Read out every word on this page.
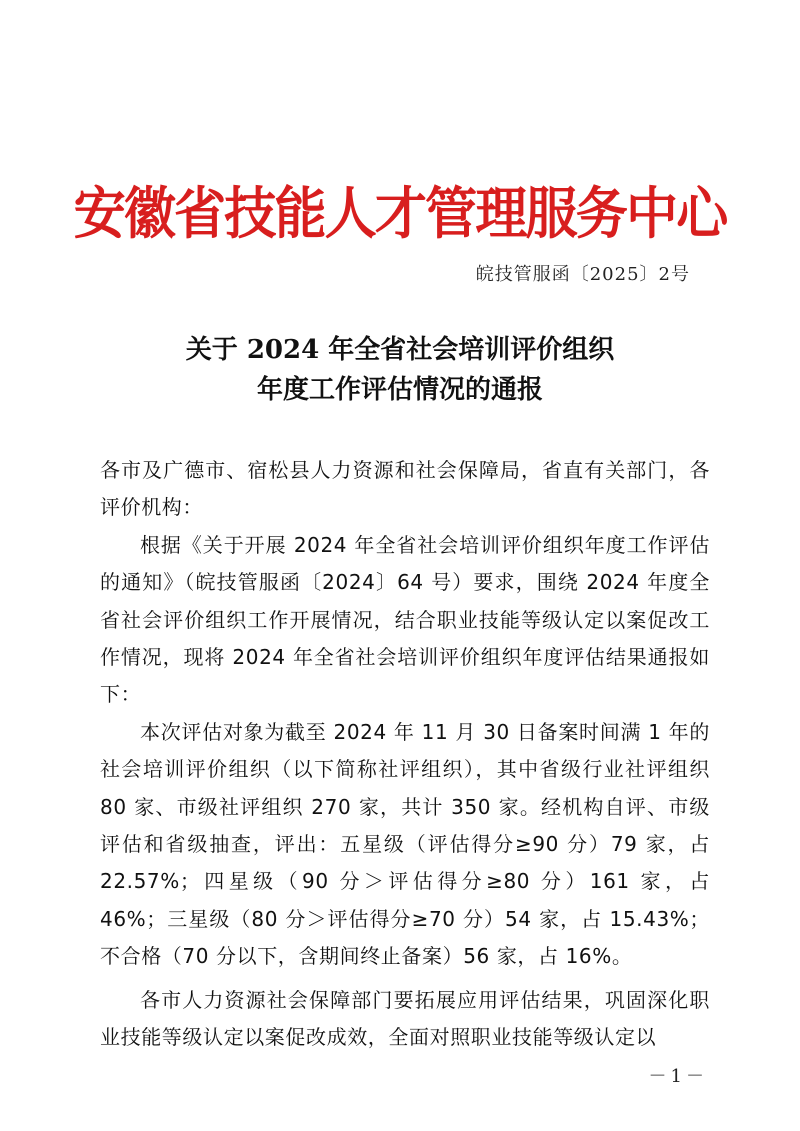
安徽省技能人才管理服务中心
皖技管服函〔2025〕2号
关于 2024 年全省社会培训评价组织
年度工作评估情况的通报

各市及广德市、宿松县人力资源和社会保障局，省直有关部门，各评价机构：

根据《关于开展 2024 年全省社会培训评价组织年度工作评估的通知》（皖技管服函〔2024〕64 号）要求，围绕 2024 年度全省社会评价组织工作开展情况，结合职业技能等级认定以案促改工作情况，现将 2024 年全省社会培训评价组织年度评估结果通报如下：

本次评估对象为截至 2024 年 11 月 30 日备案时间满 1 年的社会培训评价组织（以下简称社评组织），其中省级行业社评组织 80 家、市级社评组织 270 家，共计 350 家。经机构自评、市级评估和省级抽查，评出：五星级（评估得分≥90 分）79 家，占 22.57%；四星级（90 分＞评估得分≥80 分）161 家，占 46%；三星级（80 分＞评估得分≥70 分）54 家，占 15.43%；不合格（70 分以下，含期间终止备案）56 家，占 16%。

各市人力资源社会保障部门要拓展应用评估结果，巩固深化职业技能等级认定以案促改成效，全面对照职业技能等级认定以

－1－
